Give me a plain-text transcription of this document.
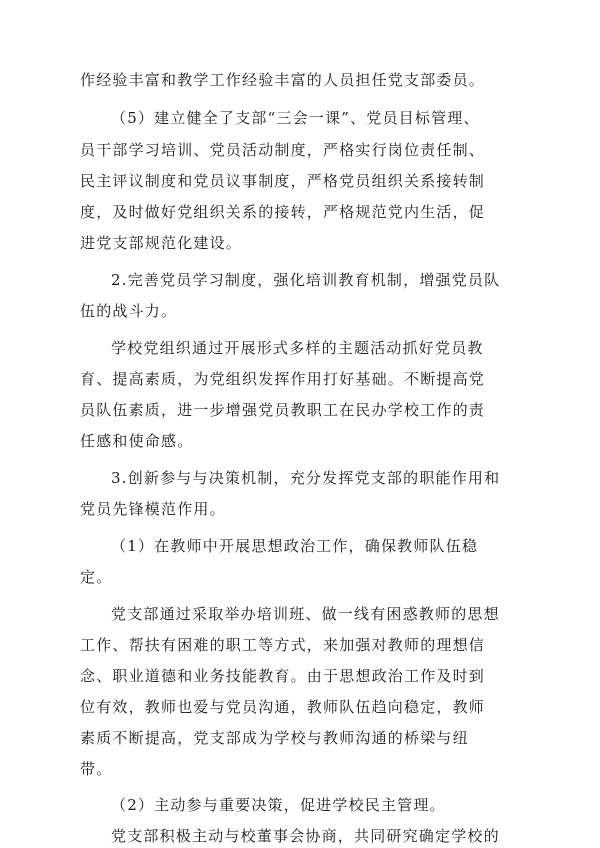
作经验丰富和教学工作经验丰富的人员担任党支部委员。
（5）建立健全了支部“三会一课”、党员目标管理、
员干部学习培训、党员活动制度，严格实行岗位责任制、
民主评议制度和党员议事制度，严格党员组织关系接转制
度，及时做好党组织关系的接转，严格规范党内生活，促
进党支部规范化建设。
2.完善党员学习制度，强化培训教育机制，增强党员队
伍的战斗力。
学校党组织通过开展形式多样的主题活动抓好党员教
育、提高素质，为党组织发挥作用打好基础。不断提高党
员队伍素质，进一步增强党员教职工在民办学校工作的责
任感和使命感。
3.创新参与与决策机制，充分发挥党支部的职能作用和
党员先锋模范作用。
（1）在教师中开展思想政治工作，确保教师队伍稳
定。
党支部通过采取举办培训班、做一线有困惑教师的思想
工作、帮扶有困难的职工等方式，来加强对教师的理想信
念、职业道德和业务技能教育。由于思想政治工作及时到
位有效，教师也爱与党员沟通，教师队伍趋向稳定，教师
素质不断提高，党支部成为学校与教师沟通的桥梁与纽
带。
（2）主动参与重要决策，促进学校民主管理。
党支部积极主动与校董事会协商，共同研究确定学校的
